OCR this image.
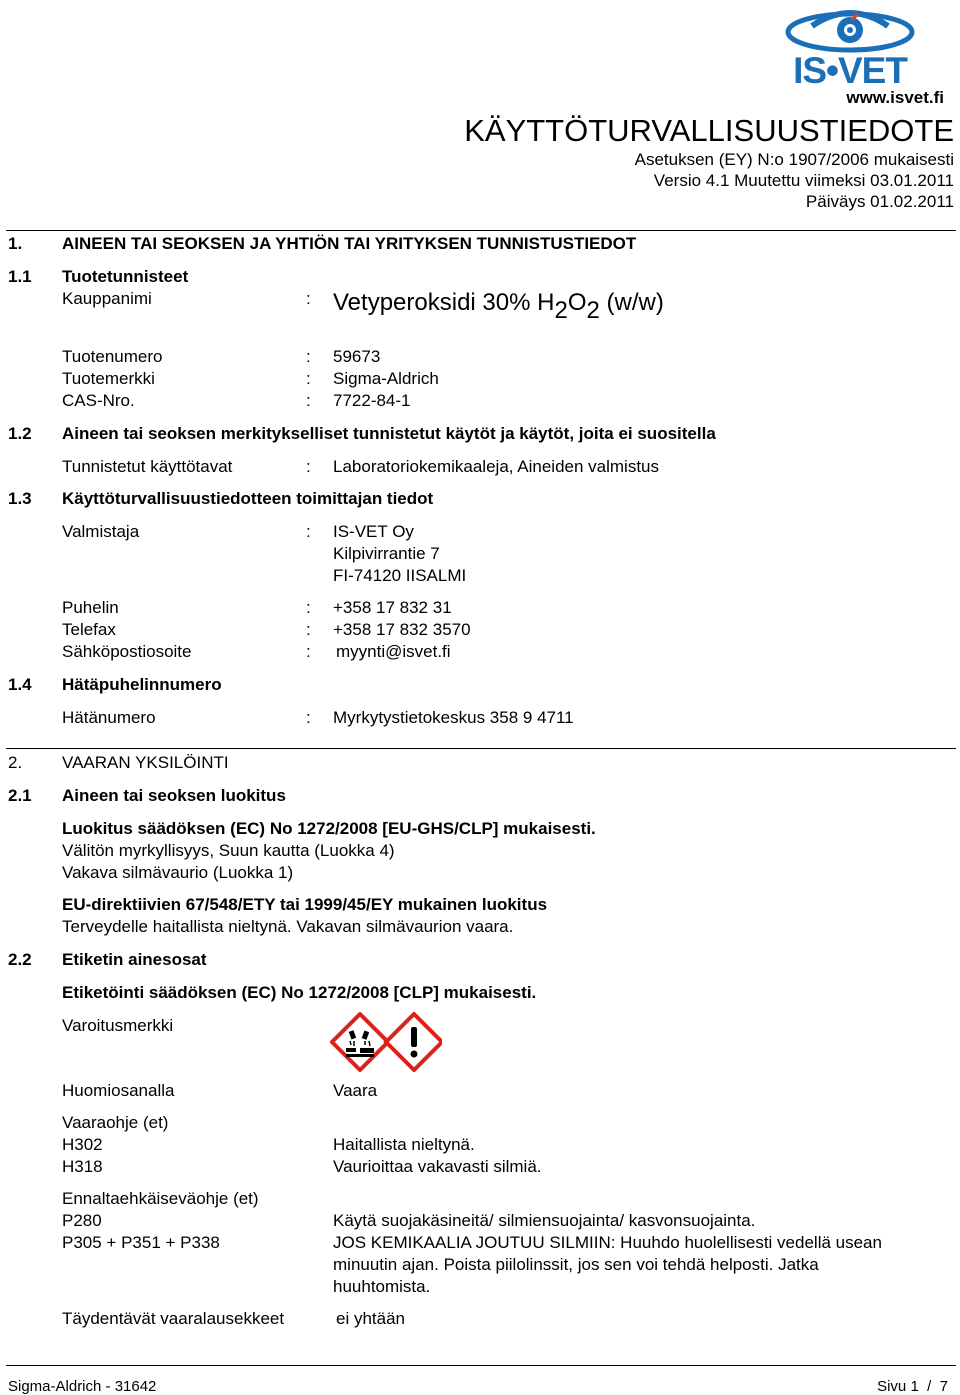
IS•VET
www.isvet.fi
KÄYTTÖTURVALLISUUSTIEDOTE
Asetuksen (EY) N:o 1907/2006 mukaisesti
Versio 4.1 Muutettu viimeksi 03.01.2011
Päiväys 01.02.2011
1. AINEEN TAI SEOKSEN JA YHTIÖN TAI YRITYKSEN TUNNISTUSTIEDOT
1.1 Tuotetunnisteet
Kauppanimi	: Vetyperoksidi 30% $H_2O_2$ (w/w)
Tuotenumero	: 59673
Tuotemerkki	: Sigma-Aldrich
CAS-Nro.	: 7722-84-1
1.2 Aineen tai seoksen merkitykselliset tunnistetut käytöt ja käytöt, joita ei suositella
Tunnistetut käyttötavat	: Laboratoriokemikaaleja, Aineiden valmistus
1.3 Käyttöturvallisuustiedotteen toimittajan tiedot
Valmistaja	: IS-VET Oy
Kilpivirrantie 7
FI-74120 IISALMI
Puhelin	: +358 17 832 31
Telefax	: +358 17 832 3570
Sähköpostiosoite	: myynti@isvet.fi
1.4 Hätäpuhelinnumero
Hätänumero	: Myrkytystietokeskus 358 9 4711
2. VAARAN YKSILÖINTI
2.1 Aineen tai seoksen luokitus
Luokitus säädöksen (EC) No 1272/2008 [EU-GHS/CLP] mukaisesti.
Välitön myrkyllisyys, Suun kautta (Luokka 4)
Vakava silmävaurio (Luokka 1)
EU-direktiivien 67/548/ETY tai 1999/45/EY mukainen luokitus
Terveydelle haitallista nieltynä. Vakavan silmävaurion vaara.
2.2 Etiketin ainesosat
Etiketöinti säädöksen (EC) No 1272/2008 [CLP] mukaisesti.
Varoitusmerkki
Huomiosanalla	Vaara
Vaaraohje (et)
H302	Haitallista nieltynä.
H318	Vaurioittaa vakavasti silmiä.
Ennaltaehkäiseväohje (et)
P280	Käytä suojakäsineitä/ silmiensuojainta/ kasvonsuojainta.
P305 + P351 + P338	JOS KEMIKAALIA JOUTUU SILMIIN: Huuhdo huolellisesti vedellä usean
minuutin ajan. Poista piilolinssit, jos sen voi tehdä helposti. Jatka
huuhtomista.
Täydentävät vaaralausekkeet	ei yhtään
Sigma-Aldrich - 31642	Sivu 1 / 7
